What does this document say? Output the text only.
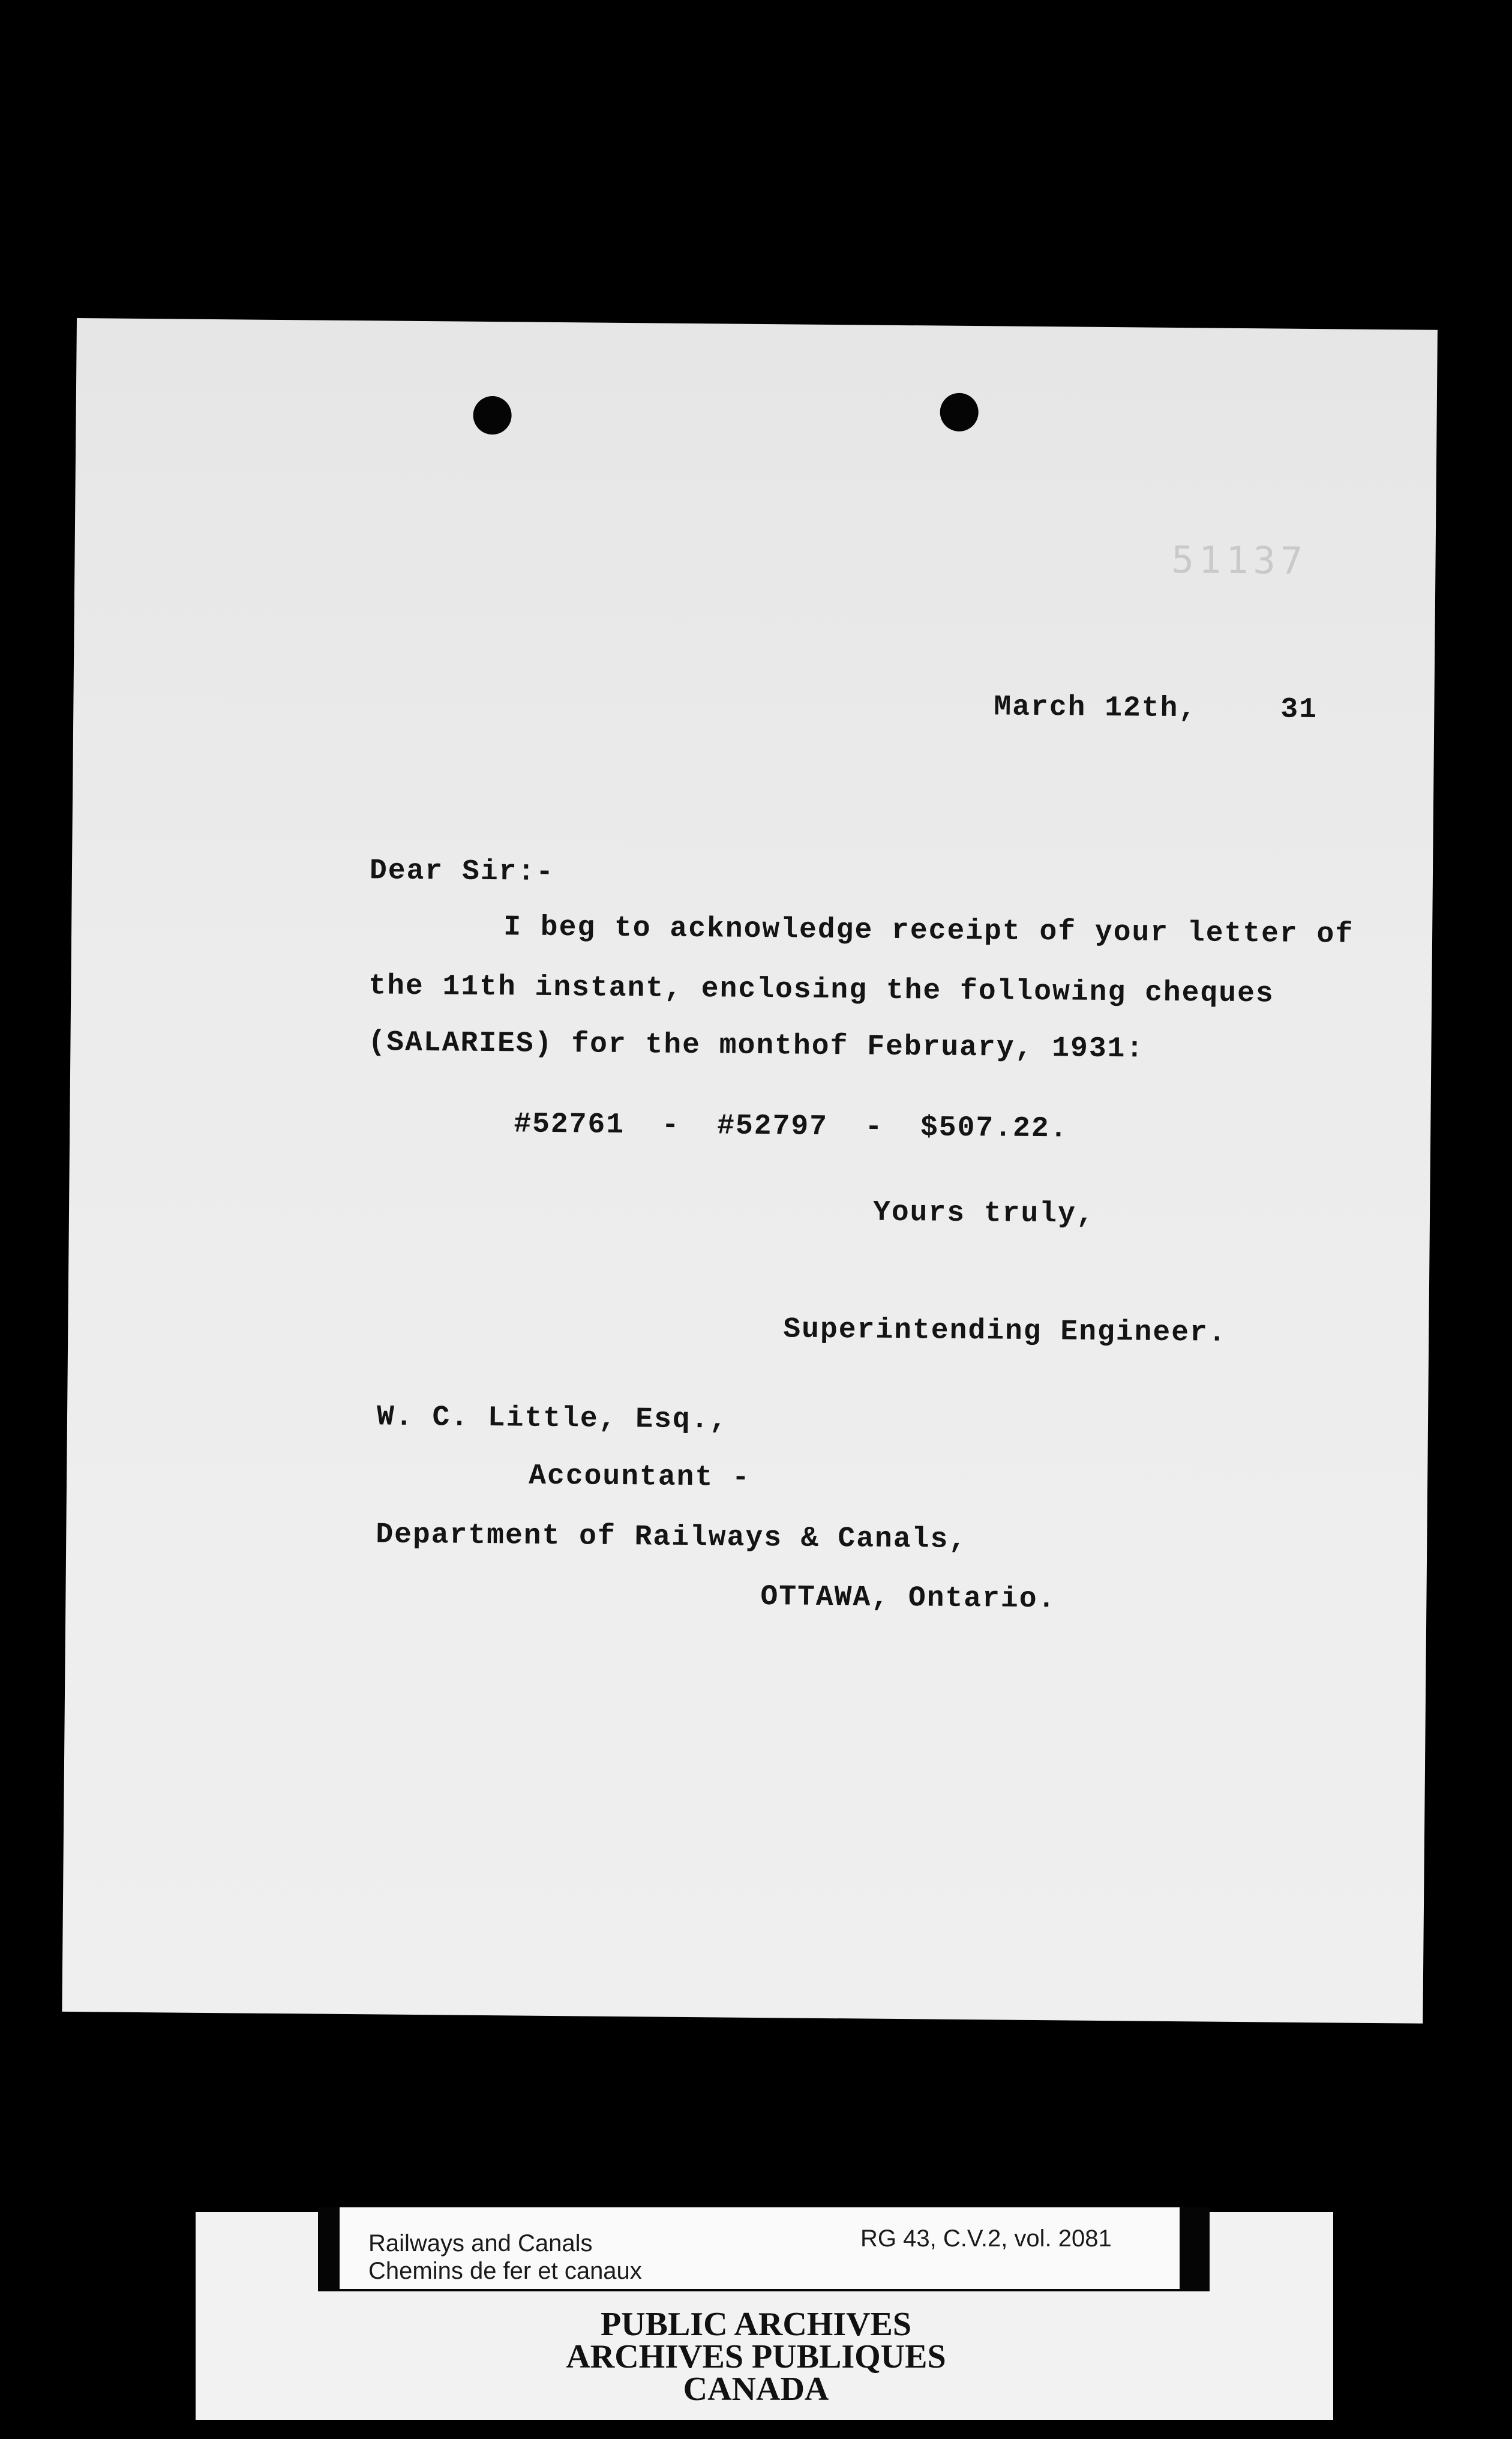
51137
March 12th,	31
Dear Sir:-
I beg to acknowledge receipt of your letter of
the 11th instant, enclosing the following cheques
(SALARIES) for the monthof February, 1931:
#52761  -  #52797  -  $507.22.
Yours truly,
Superintending Engineer.
W. C. Little, Esq.,
Accountant -
Department of Railways & Canals,
OTTAWA, Ontario.
Railways and Canals
Chemins de fer et canaux
RG 43, C.V.2, vol. 2081
PUBLIC ARCHIVES
ARCHIVES PUBLIQUES
CANADA
